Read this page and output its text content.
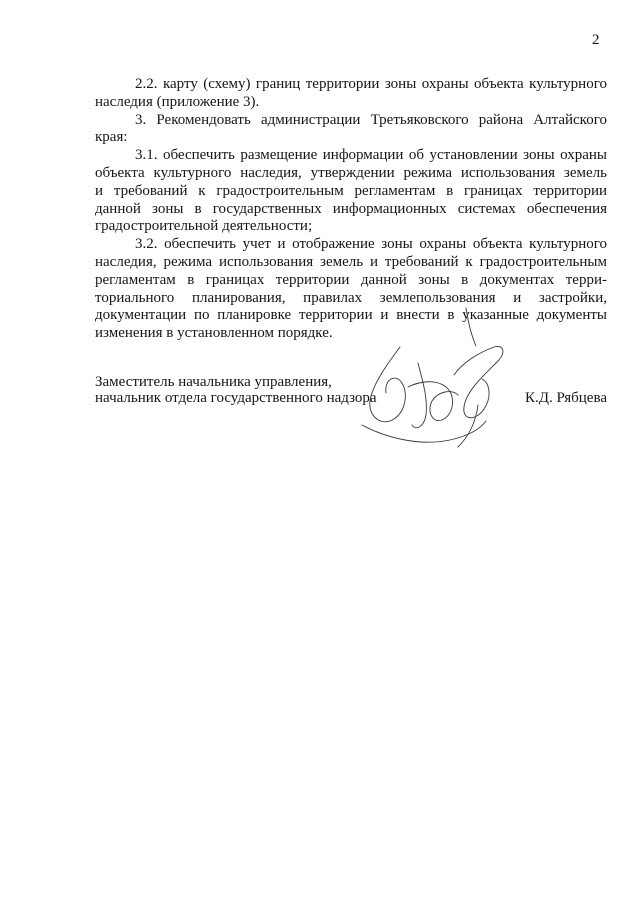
2
2.2. карту (схему) границ территории зоны охраны объекта культурного
наследия (приложение 3).
3. Рекомендовать администрации Третьяковского района Алтайского
края:
3.1. обеспечить размещение информации об установлении зоны охраны
объекта культурного наследия, утверждении режима использования земель
и требований к градостроительным регламентам в границах территории
данной зоны в государственных информационных системах обеспечения
градостроительной деятельности;
3.2. обеспечить учет и отображение зоны охраны объекта культурного
наследия, режима использования земель и требований к градостроительным
регламентам в границах территории данной зоны в документах терри-
ториального планирования, правилах землепользования и застройки,
документации по планировке территории и внести в указанные документы
изменения в установленном порядке.
Заместитель начальника управления,
начальник отдела государственного надзора	К.Д. Рябцева
